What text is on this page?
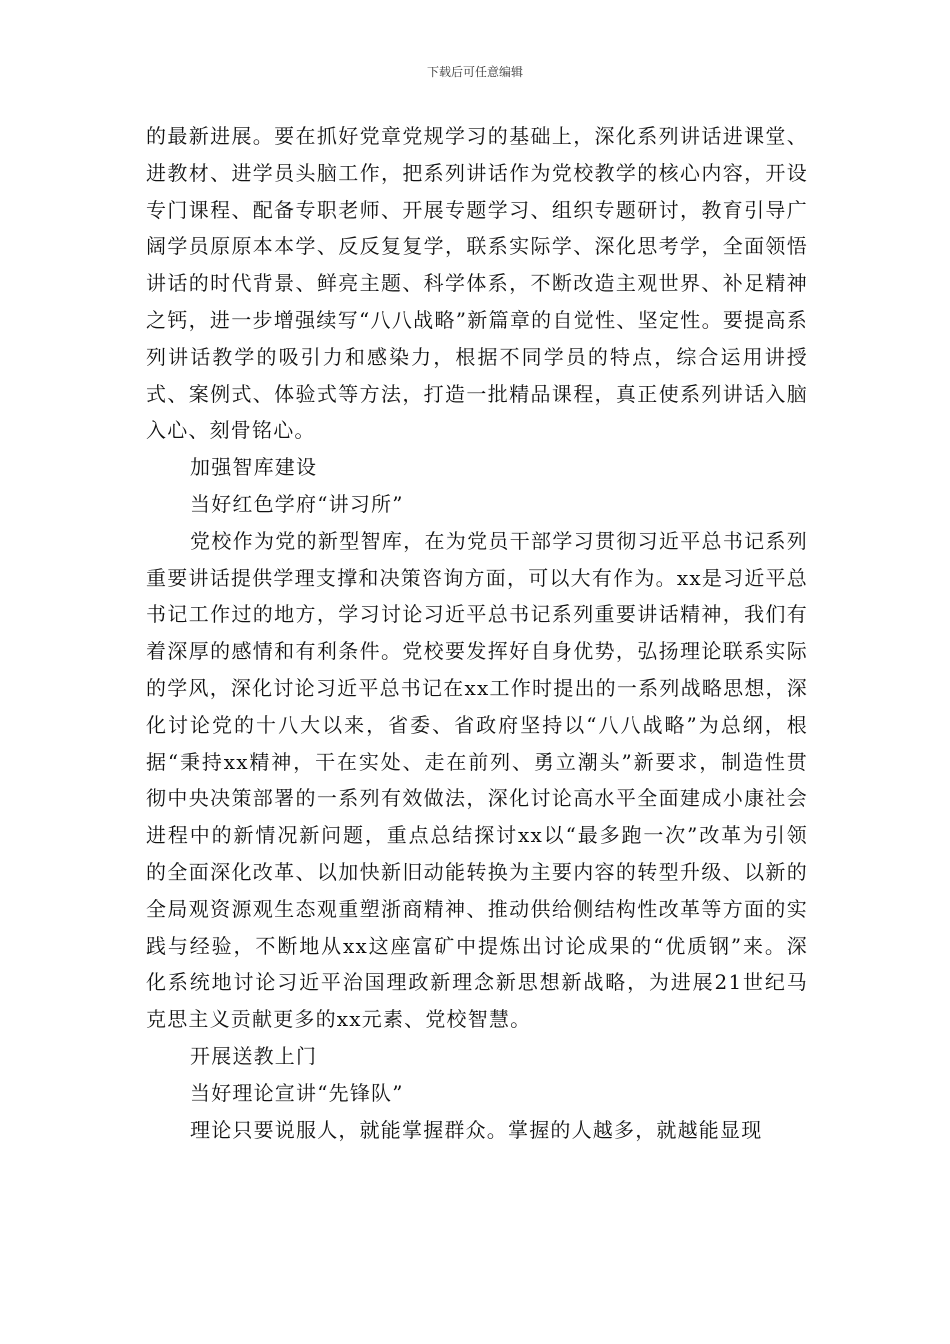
下载后可任意编辑

的最新进展。要在抓好党章党规学习的基础上，深化系列讲话进课堂、进教材、进学员头脑工作，把系列讲话作为党校教学的核心内容，开设专门课程、配备专职老师、开展专题学习、组织专题研讨，教育引导广阔学员原原本本学、反反复复学，联系实际学、深化思考学，全面领悟讲话的时代背景、鲜亮主题、科学体系，不断改造主观世界、补足精神之钙，进一步增强续写“八八战略”新篇章的自觉性、坚定性。要提高系列讲话教学的吸引力和感染力，根据不同学员的特点，综合运用讲授式、案例式、体验式等方法，打造一批精品课程，真正使系列讲话入脑入心、刻骨铭心。

加强智库建设

当好红色学府“讲习所”

党校作为党的新型智库，在为党员干部学习贯彻习近平总书记系列重要讲话提供学理支撑和决策咨询方面，可以大有作为。xx是习近平总书记工作过的地方，学习讨论习近平总书记系列重要讲话精神，我们有着深厚的感情和有利条件。党校要发挥好自身优势，弘扬理论联系实际的学风，深化讨论习近平总书记在xx工作时提出的一系列战略思想，深化讨论党的十八大以来，省委、省政府坚持以“八八战略”为总纲，根据“秉持xx精神，干在实处、走在前列、勇立潮头”新要求，制造性贯彻中央决策部署的一系列有效做法，深化讨论高水平全面建成小康社会进程中的新情况新问题，重点总结探讨xx以“最多跑一次”改革为引领的全面深化改革、以加快新旧动能转换为主要内容的转型升级、以新的全局观资源观生态观重塑浙商精神、推动供给侧结构性改革等方面的实践与经验，不断地从xx这座富矿中提炼出讨论成果的“优质钢”来。深化系统地讨论习近平治国理政新理念新思想新战略，为进展21世纪马克思主义贡献更多的xx元素、党校智慧。

开展送教上门

当好理论宣讲“先锋队”

理论只要说服人，就能掌握群众。掌握的人越多，就越能显现
